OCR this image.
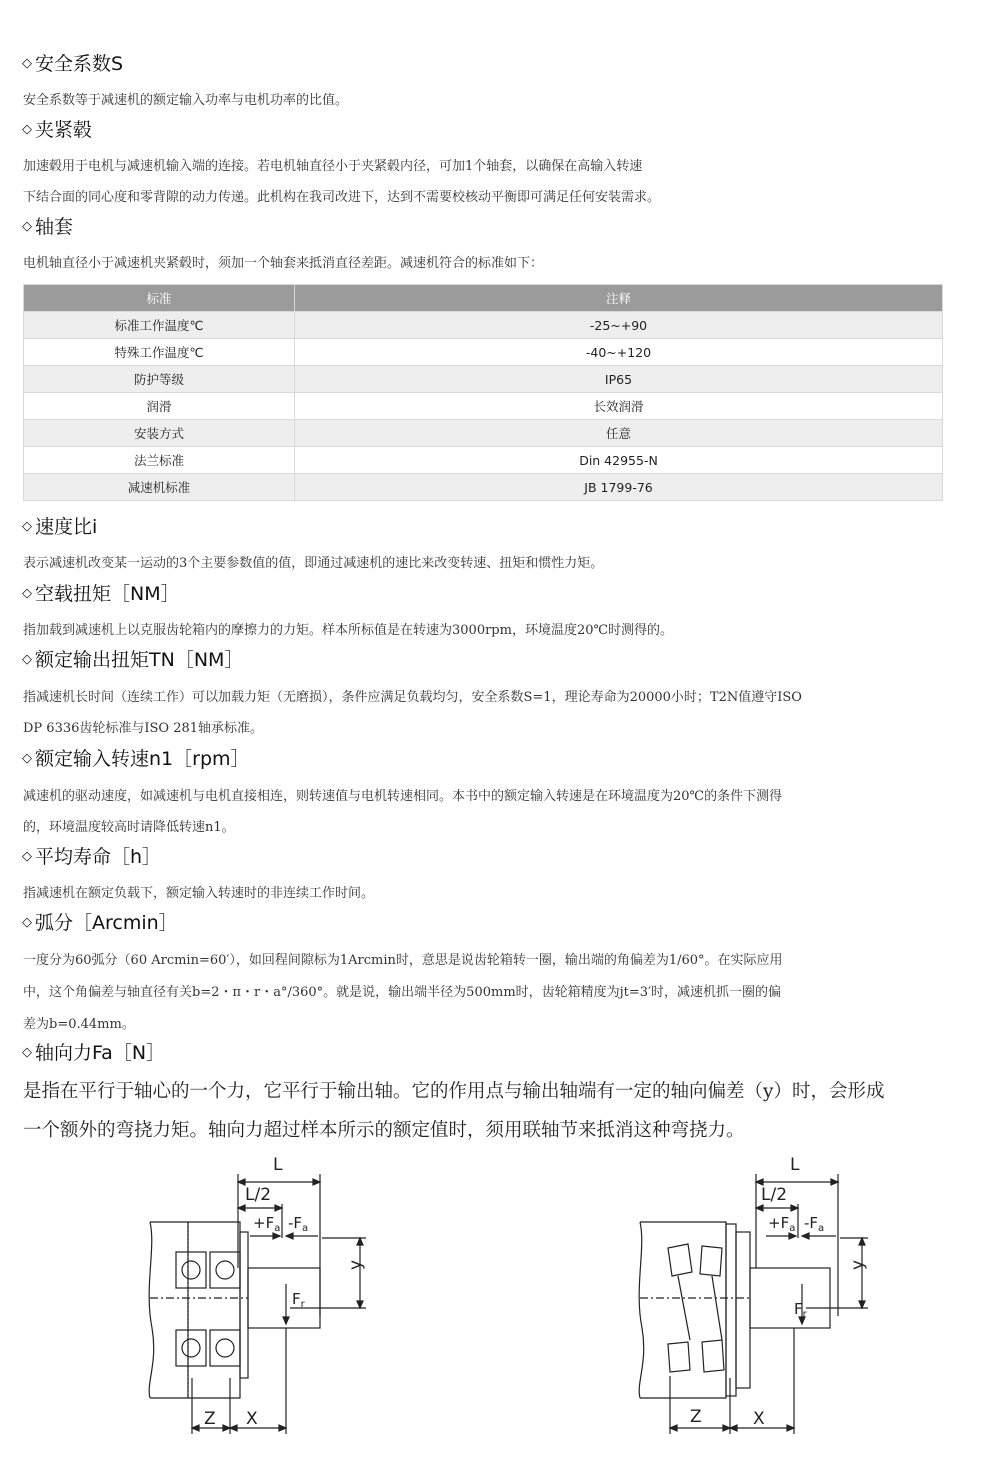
◇ 安全系数S
安全系数等于减速机的额定输入功率与电机功率的比值。
◇ 夹紧毂
加速毂用于电机与减速机输入端的连接。若电机轴直径小于夹紧毂内径，可加1个轴套，以确保在高输入转速
下结合面的同心度和零背隙的动力传递。此机构在我司改进下，达到不需要校核动平衡即可满足任何安装需求。
◇ 轴套
电机轴直径小于减速机夹紧毂时，须加一个轴套来抵消直径差距。减速机符合的标准如下：
标准	注释
标准工作温度℃	-25~+90
特殊工作温度℃	-40~+120
防护等级	IP65
润滑	长效润滑
安装方式	任意
法兰标准	Din 42955-N
减速机标准	JB 1799-76
◇ 速度比i
表示减速机改变某一运动的3个主要参数值的值，即通过减速机的速比来改变转速、扭矩和惯性力矩。
◇ 空载扭矩［NM］
指加载到减速机上以克服齿轮箱内的摩擦力的力矩。样本所标值是在转速为3000rpm，环境温度20℃时测得的。
◇ 额定输出扭矩TN［NM］
指减速机长时间（连续工作）可以加载力矩（无磨损），条件应满足负载均匀，安全系数S=1，理论寿命为20000小时；T2N值遵守ISO
DP 6336齿轮标准与ISO 281轴承标准。
◇ 额定输入转速n1［rpm］
减速机的驱动速度，如减速机与电机直接相连，则转速值与电机转速相同。本书中的额定输入转速是在环境温度为20℃的条件下测得
的，环境温度较高时请降低转速n1。
◇ 平均寿命［h］
指减速机在额定负载下，额定输入转速时的非连续工作时间。
◇ 弧分［Arcmin］
一度分为60弧分（60 Arcmin=60′），如回程间隙标为1Arcmin时，意思是说齿轮箱转一圈，输出端的角偏差为1/60°。在实际应用
中，这个角偏差与轴直径有关b=2・π・r・a°/360°。就是说，输出端半径为500mm时，齿轮箱精度为jt=3′时，减速机抓一圈的偏
差为b=0.44mm。
◇ 轴向力Fa［N］
是指在平行于轴心的一个力，它平行于输出轴。它的作用点与输出轴端有一定的轴向偏差（y）时，会形成
一个额外的弯挠力矩。轴向力超过样本所示的额定值时，须用联轴节来抵消这种弯挠力。
L
L/2
$+F_a$ $-F_a$
y
$F_r$
Z X
L
L/2
$+F_a$ $-F_a$
y
$F_r$
Z	X
